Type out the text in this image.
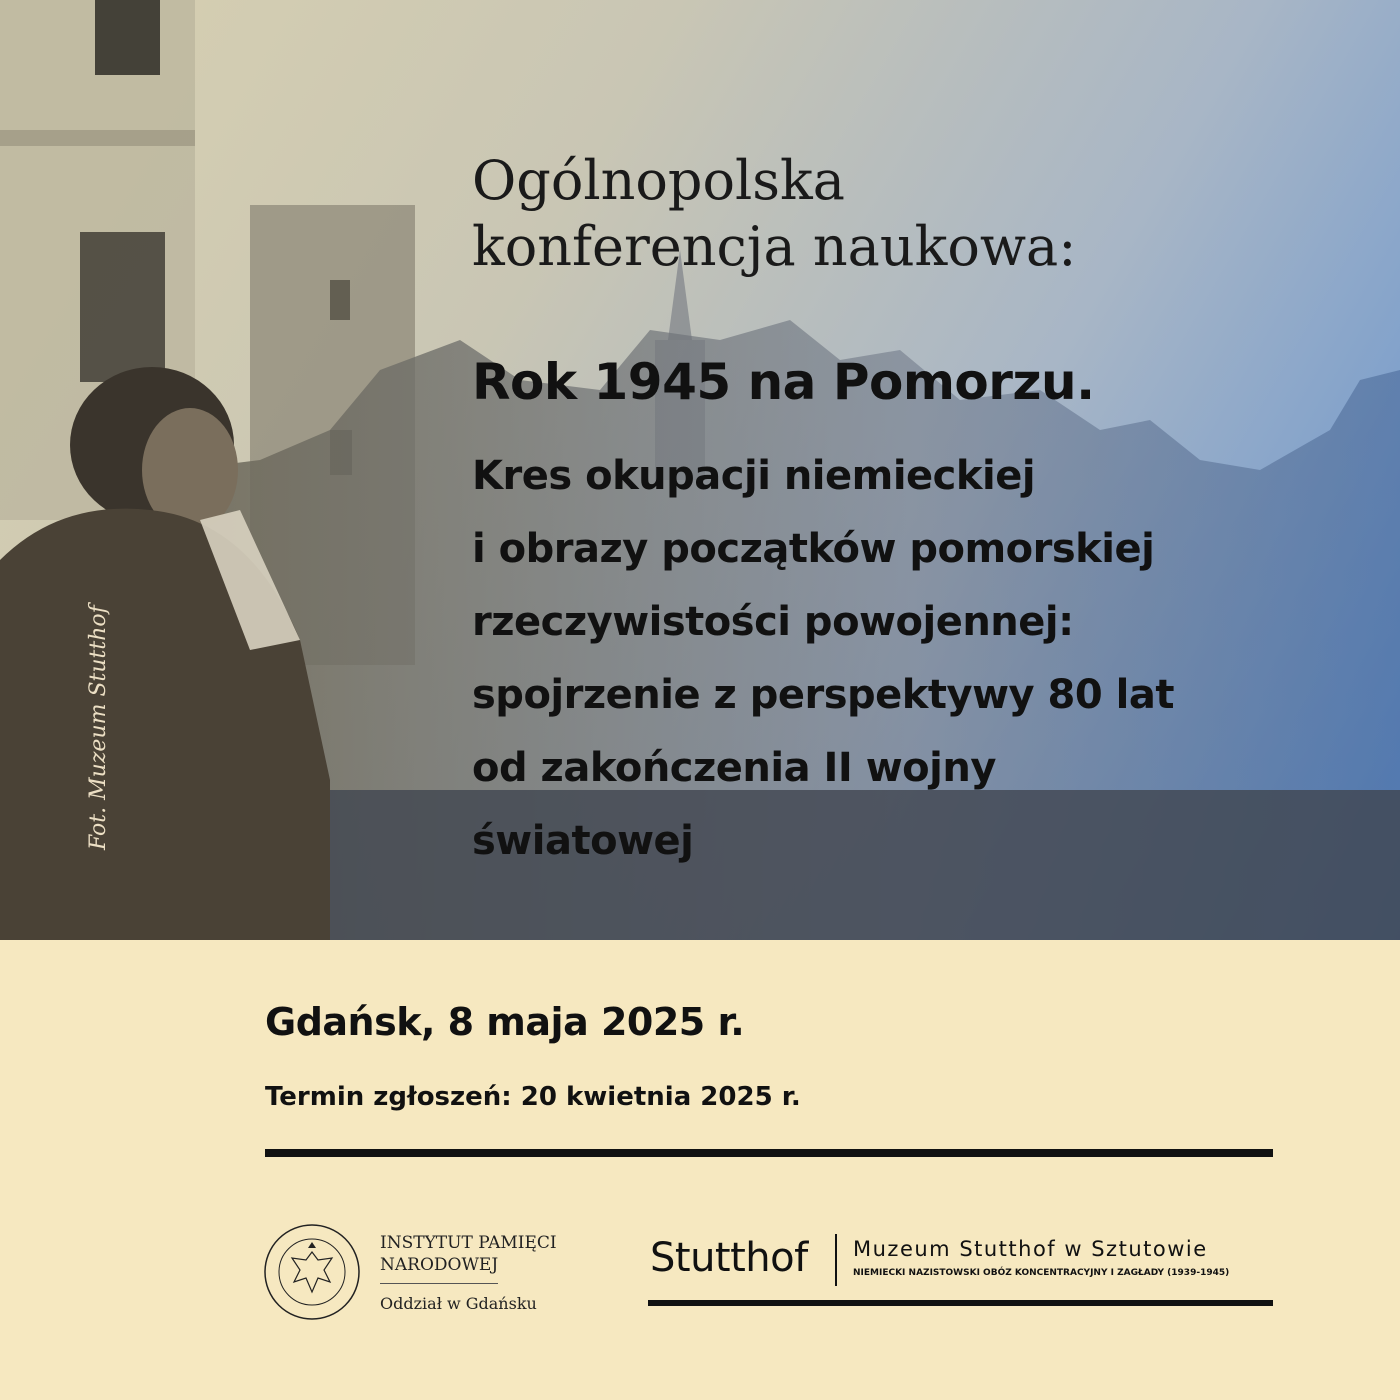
Fot. Muzeum Stutthof
Ogólnopolska
konferencja naukowa:
Rok 1945 na Pomorzu.
Kres okupacji niemieckiej
i obrazy początków pomorskiej
rzeczywistości powojennej:
spojrzenie z perspektywy 80 lat
od zakończenia II wojny
światowej
Gdańsk, 8 maja 2025 r.
Termin zgłoszeń: 20 kwietnia 2025 r.
INSTYTUT PAMIĘCI
NARODOWEJ
Oddział w Gdańsku
Stutthof Muzeum Stutthof w Sztutowie
NIEMIECKI NAZISTOWSKI OBÓZ KONCENTRACYJNY I ZAGŁADY (1939-1945)
